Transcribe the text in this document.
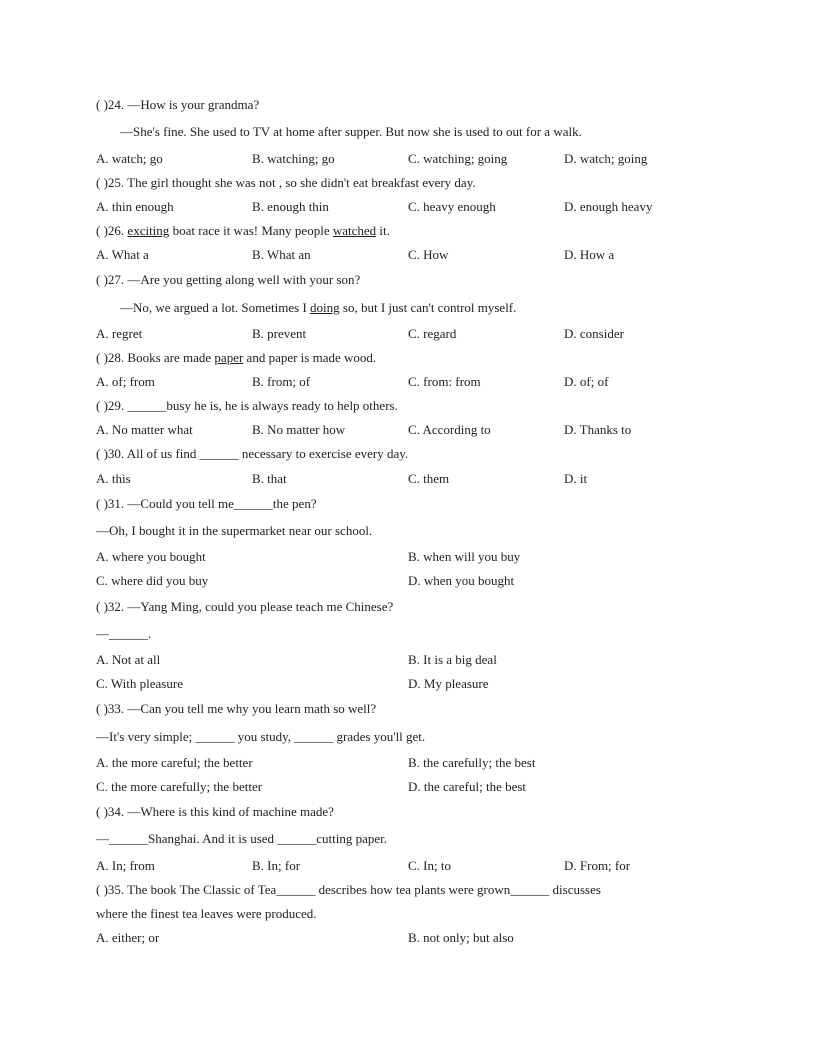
( )24. —How is your grandma?
—She's fine. She used to TV at home after supper. But now she is used to out for a walk.
A. watch; go	B. watching; go	C. watching; going	D. watch; going
( )25. The girl thought she was not , so she didn't eat breakfast every day.
A. thin enough	B. enough thin	C. heavy enough	D. enough heavy
( )26. exciting boat race it was! Many people watched it.
A. What a	B. What an	C. How	D. How a
( )27. —Are you getting along well with your son?
—No, we argued a lot. Sometimes I doing so, but I just can't control myself.
A. regret	B. prevent	C. regard	D. consider
( )28. Books are made paper and paper is made wood.
A. of; from	B. from; of	C. from: from	D. of; of
( )29. ______busy he is, he is always ready to help others.
A. No matter what	B. No matter how	C. According to	D. Thanks to
( )30. All of us find ______ necessary to exercise every day.
A. this	B. that	C. them	D. it
( )31. —Could you tell me______the pen?
—Oh, I bought it in the supermarket near our school.
A. where you bought	B. when will you buy
C. where did you buy	D. when you bought
( )32. —Yang Ming, could you please teach me Chinese?
—______.
A. Not at all	B. It is a big deal
C. With pleasure	D. My pleasure
( )33. —Can you tell me why you learn math so well?
—It's very simple; ______ you study, ______ grades you'll get.
A. the more careful; the better	B. the carefully; the best
C. the more carefully; the better	D. the careful; the best
( )34. —Where is this kind of machine made?
—______Shanghai. And it is used ______cutting paper.
A. In; from	B. In; for	C. In; to	D. From; for
( )35. The book The Classic of Tea______ describes how tea plants were grown______ discusses
where the finest tea leaves were produced.
A. either; or	B. not only; but also
